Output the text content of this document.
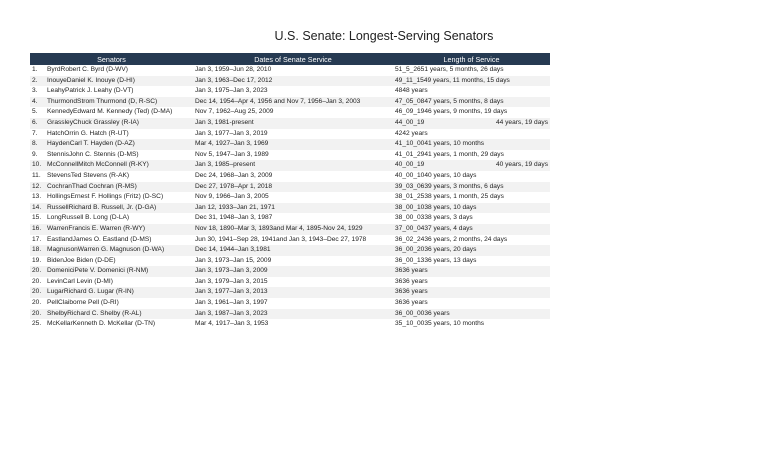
U.S. Senate: Longest-Serving Senators
Senators		Dates of Senate Service	Length of Service
1.	ByrdRobert C. Byrd (D-WV)	Jan 3, 1959–Jun 28, 2010	51_5_2651 years, 5 months, 26 days

2.	InouyeDaniel K. Inouye (D-HI)	Jan 3, 1963–Dec 17, 2012	49_11_1549 years, 11 months, 15 days

3.	LeahyPatrick J. Leahy (D-VT)	Jan 3, 1975–Jan 3, 2023	4848 years

4.	ThurmondStrom Thurmond (D, R-SC)	Dec 14, 1954–Apr 4, 1956 and Nov 7, 1956–Jan 3, 2003	47_05_0847 years, 5 months, 8 days

5.	KennedyEdward M. Kennedy (Ted) (D-MA)	Nov 7, 1962–Aug 25, 2009	46_09_1946 years, 9 months, 19 days

6.	GrassleyChuck Grassley (R-IA)	Jan 3, 1981-present	44_00_19 44 years, 19 days

7.	HatchOrrin G. Hatch (R-UT)	Jan 3, 1977–Jan 3, 2019	4242 years

8.	HaydenCarl T. Hayden (D-AZ)	Mar 4, 1927–Jan 3, 1969	41_10_0041 years, 10 months

9.	StennisJohn C. Stennis (D-MS)	Nov 5, 1947–Jan 3, 1989	41_01_2941 years, 1 month, 29 days

10.	McConnellMitch McConnell (R-KY)	Jan 3, 1985–present	40_00_19 40 years, 19 days

11.	StevensTed Stevens (R-AK)	Dec 24, 1968–Jan 3, 2009	40_00_1040 years, 10 days

12.	CochranThad Cochran (R-MS)	Dec 27, 1978–Apr 1, 2018	39_03_0639 years, 3 months, 6 days

13.	HollingsErnest F. Hollings (Fritz) (D-SC)	Nov 9, 1966–Jan 3, 2005	38_01_2538 years, 1 month, 25 days

14.	RussellRichard B. Russell, Jr. (D-GA)	Jan 12, 1933–Jan 21, 1971	38_00_1038 years, 10 days

15.	LongRussell B. Long (D-LA)	Dec 31, 1948–Jan 3, 1987	38_00_0338 years, 3 days

16.	WarrenFrancis E. Warren (R-WY)	Nov 18, 1890–Mar 3, 1893and Mar 4, 1895-Nov 24, 1929	37_00_0437 years, 4 days

17.	EastlandJames O. Eastland (D-MS)	Jun 30, 1941–Sep 28, 1941and Jan 3, 1943–Dec 27, 1978	36_02_2436 years, 2 months, 24 days

18.	MagnusonWarren G. Magnuson (D-WA)	Dec 14, 1944–Jan 3,1981	36_00_2036 years, 20 days

19.	BidenJoe Biden (D-DE)	Jan 3, 1973–Jan 15, 2009	36_00_1336 years, 13 days

20.	DomeniciPete V. Domenici (R-NM)	Jan 3, 1973–Jan 3, 2009	3636 years

20.	LevinCarl Levin (D-MI)	Jan 3, 1979–Jan 3, 2015	3636 years

20.	LugarRichard G. Lugar (R-IN)	Jan 3, 1977–Jan 3, 2013	3636 years

20.	PellClaiborne Pell (D-RI)	Jan 3, 1961–Jan 3, 1997	3636 years

20.	ShelbyRichard C. Shelby (R-AL)	Jan 3, 1987–Jan 3, 2023	36_00_0036 years

25.	McKellarKenneth D. McKellar (D-TN)	Mar 4, 1917–Jan 3, 1953	35_10_0035 years, 10 months
